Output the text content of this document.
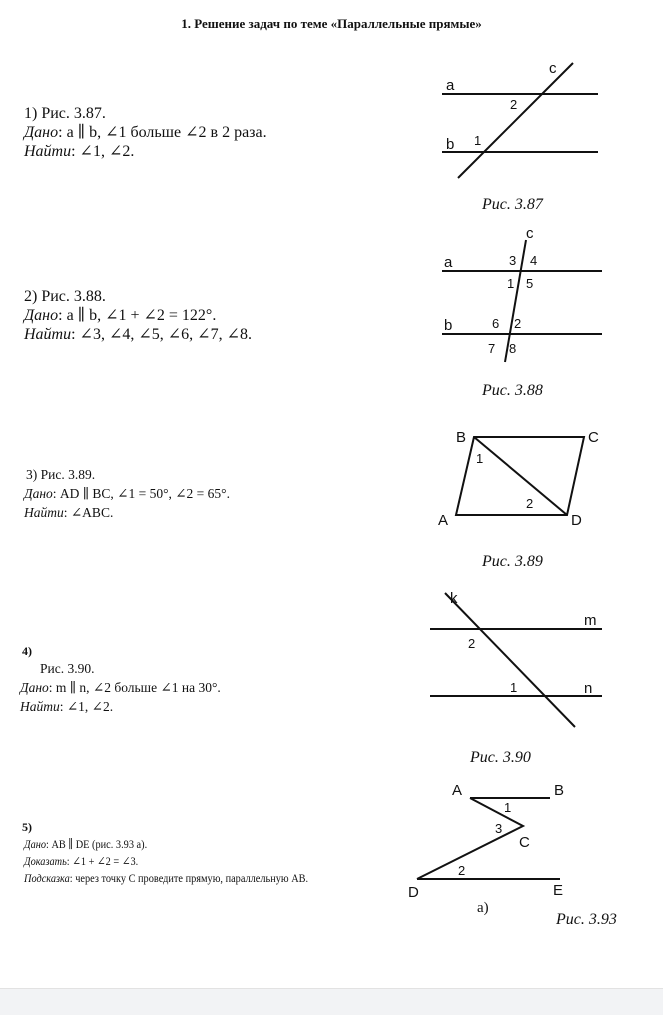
1. Решение задач по теме «Параллельные прямые»
1) Рис. 3.87.
Дано: a ∥ b, ∠1 больше ∠2 в 2 раза.
Найти: ∠1, ∠2.
2) Рис. 3.88.
Дано: a ∥ b, ∠1 + ∠2 = 122°.
Найти: ∠3, ∠4, ∠5, ∠6, ∠7, ∠8.
3) Рис. 3.89.
Дано: AD ∥ BC, ∠1 = 50°, ∠2 = 65°.
Найти: ∠ABC.
4)
Рис. 3.90.
Дано: m ∥ n, ∠2 больше ∠1 на 30°.
Найти: ∠1, ∠2.
5)
Дано: AB ∥ DE (рис. 3.93 а).
Доказать: ∠1 + ∠2 = ∠3.
Подсказка: через точку C проведите прямую, параллельную AB.
a
b
c
1
2
Рис. 3.87
a
b
c
3 4
1 5
6 2
7 8
Рис. 3.88
B	C
A	D
1
2
Рис. 3.89
k
m
n
2
1
Рис. 3.90
A	B
C
D	E
1
3
2
а)
Рис. 3.93
